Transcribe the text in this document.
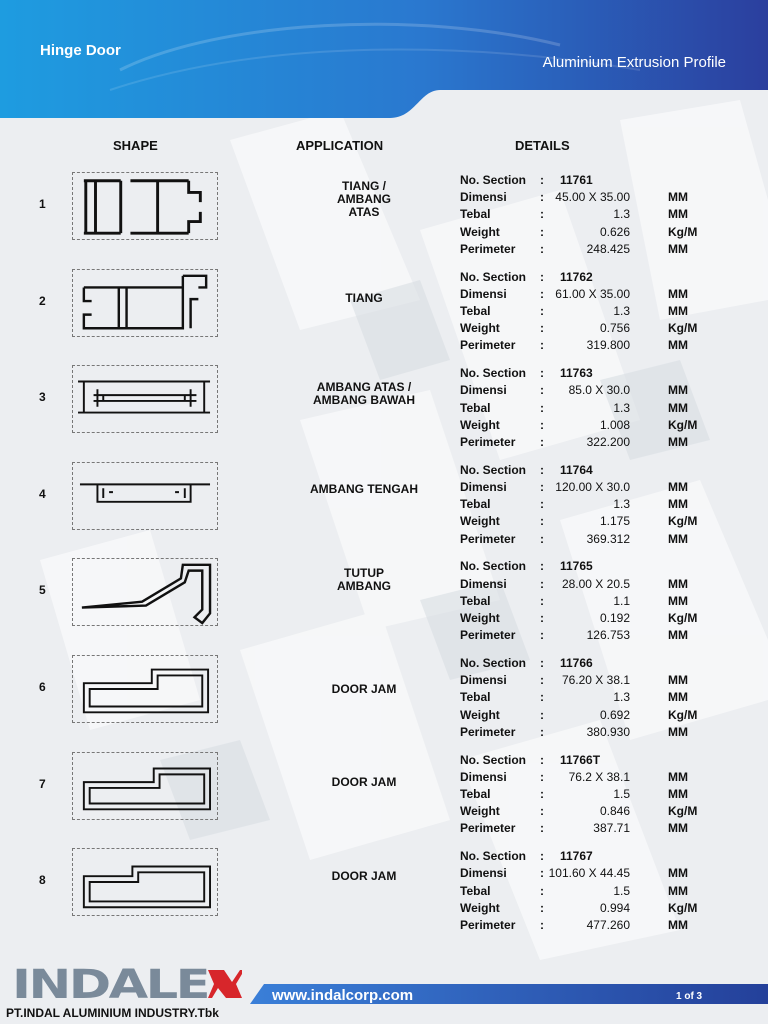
Hinge Door
Aluminium Extrusion Profile
SHAPE	APPLICATION	DETAILS
1
TIANG /
AMBANG
ATAS
No. Section : 11761
Dimensi	: 45.00 X 35.00	MM
Tebal	:	1.3	MM
Weight	:	0.626	Kg/M
Perimeter :	248.425	MM
2	TIANG
No. Section : 11762
Dimensi	: 61.00 X 35.00	MM
Tebal	:	1.3	MM
Weight	:	0.756	Kg/M
Perimeter :	319.800	MM
3
AMBANG ATAS /
AMBANG BAWAH
No. Section : 11763
Dimensi	: 85.0 X 30.0	MM
Tebal	:	1.3	MM
Weight	:	1.008	Kg/M
Perimeter :	322.200	MM
4	AMBANG TENGAH
No. Section : 11764
Dimensi	: 120.00 X 30.0	MM
Tebal	:	1.3	MM
Weight	:	1.175	Kg/M
Perimeter :	369.312	MM
5
TUTUP
AMBANG
No. Section : 11765
Dimensi	: 28.00 X 20.5	MM
Tebal	:	1.1	MM
Weight	:	0.192	Kg/M
Perimeter :	126.753	MM
6	DOOR JAM
No. Section : 11766
Dimensi	: 76.20 X 38.1	MM
Tebal	:	1.3	MM
Weight	:	0.692	Kg/M
Perimeter :	380.930	MM
7	DOOR JAM
No. Section : 11766T
Dimensi	: 76.2 X 38.1	MM
Tebal	:	1.5	MM
Weight	:	0.846	Kg/M
Perimeter :	387.71	MM
8	DOOR JAM
No. Section : 11767
Dimensi	: 101.60 X 44.45	MM
Tebal	:	1.5	MM
Weight	:	0.994	Kg/M
Perimeter :	477.260	MM
INDALE
PT.INDAL ALUMINIUM INDUSTRY.Tbk
www.indalcorp.com	1 of 3
